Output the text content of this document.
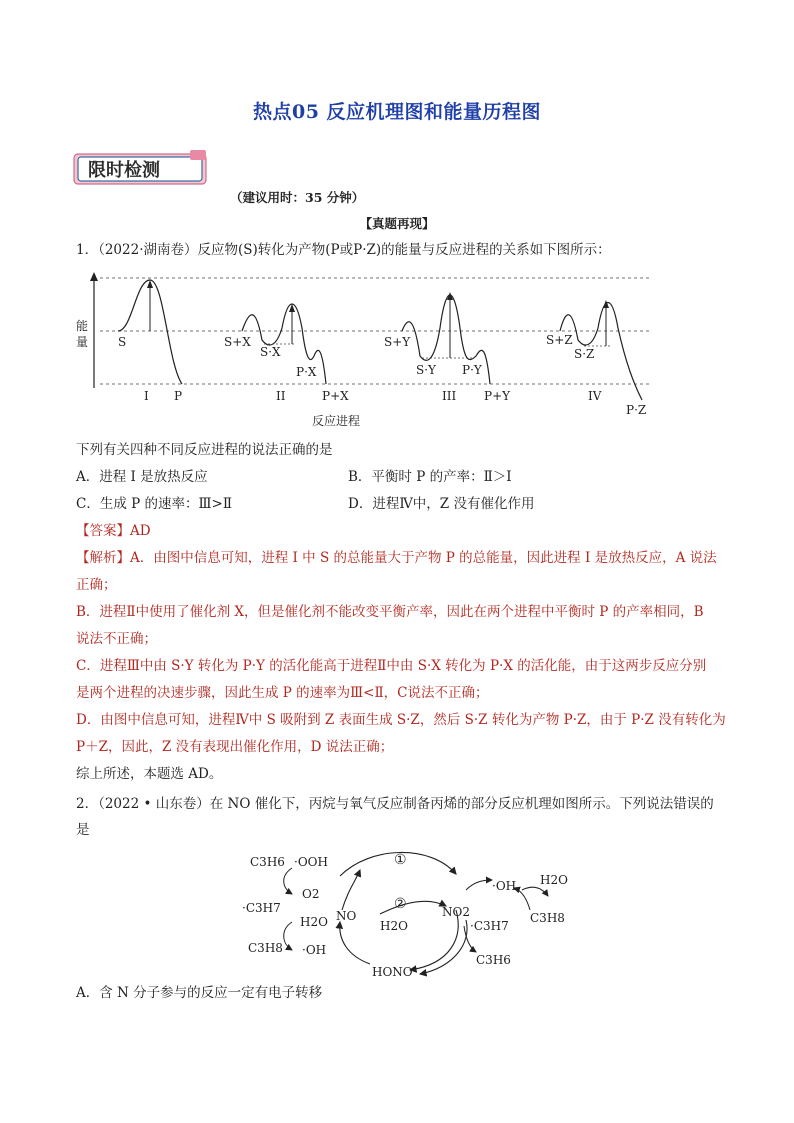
热点05 反应机理图和能量历程图
限时检测
（建议用时：35 分钟）
【真题再现】
1．（2022·湖南卷）反应物(S)转化为产物(P或P·Z)的能量与反应进程的关系如下图所示：
能
量 S
P
S+X
S·X
P·X
P+X
S+Y
S·Y P·Y
P+Y
S+Z
S·Z
P·Z
I	II	III	IV
反应进程
下列有关四种不同反应进程的说法正确的是
A．进程 I 是放热反应	B．平衡时 P 的产率：Ⅱ＞I
C．生成 P 的速率：Ⅲ>Ⅱ	D．进程Ⅳ中，Z 没有催化作用
【答案】AD
【解析】A．由图中信息可知，进程 I 中 S 的总能量大于产物 P 的总能量，因此进程 I 是放热反应，A 说法
正确；
B．进程Ⅱ中使用了催化剂 X，但是催化剂不能改变平衡产率，因此在两个进程中平衡时 P 的产率相同，B
说法不正确；
C．进程Ⅲ中由 S·Y 转化为 P·Y 的活化能高于进程Ⅱ中由 S·X 转化为 P·X 的活化能，由于这两步反应分别
是两个进程的决速步骤，因此生成 P 的速率为Ⅲ<Ⅱ，C说法不正确；
D．由图中信息可知，进程Ⅳ中 S 吸附到 Z 表面生成 S·Z，然后 S·Z 转化为产物 P·Z，由于 P·Z 没有转化为
P＋Z，因此，Z 没有表现出催化作用，D 说法正确；
综上所述，本题选 AD。
2．（2022 • 山东卷）在 NO 催化下，丙烷与氧气反应制备丙烯的部分反应机理如图所示。下列说法错误的
是
C3H6 ·OOH
O2
·C3H7
H2O
C3H8 ·OH
NO
H2O
NO2
·C3H7
·OH H2O
C3H8
C3H6
HONO
①
②
A．含 N 分子参与的反应一定有电子转移
